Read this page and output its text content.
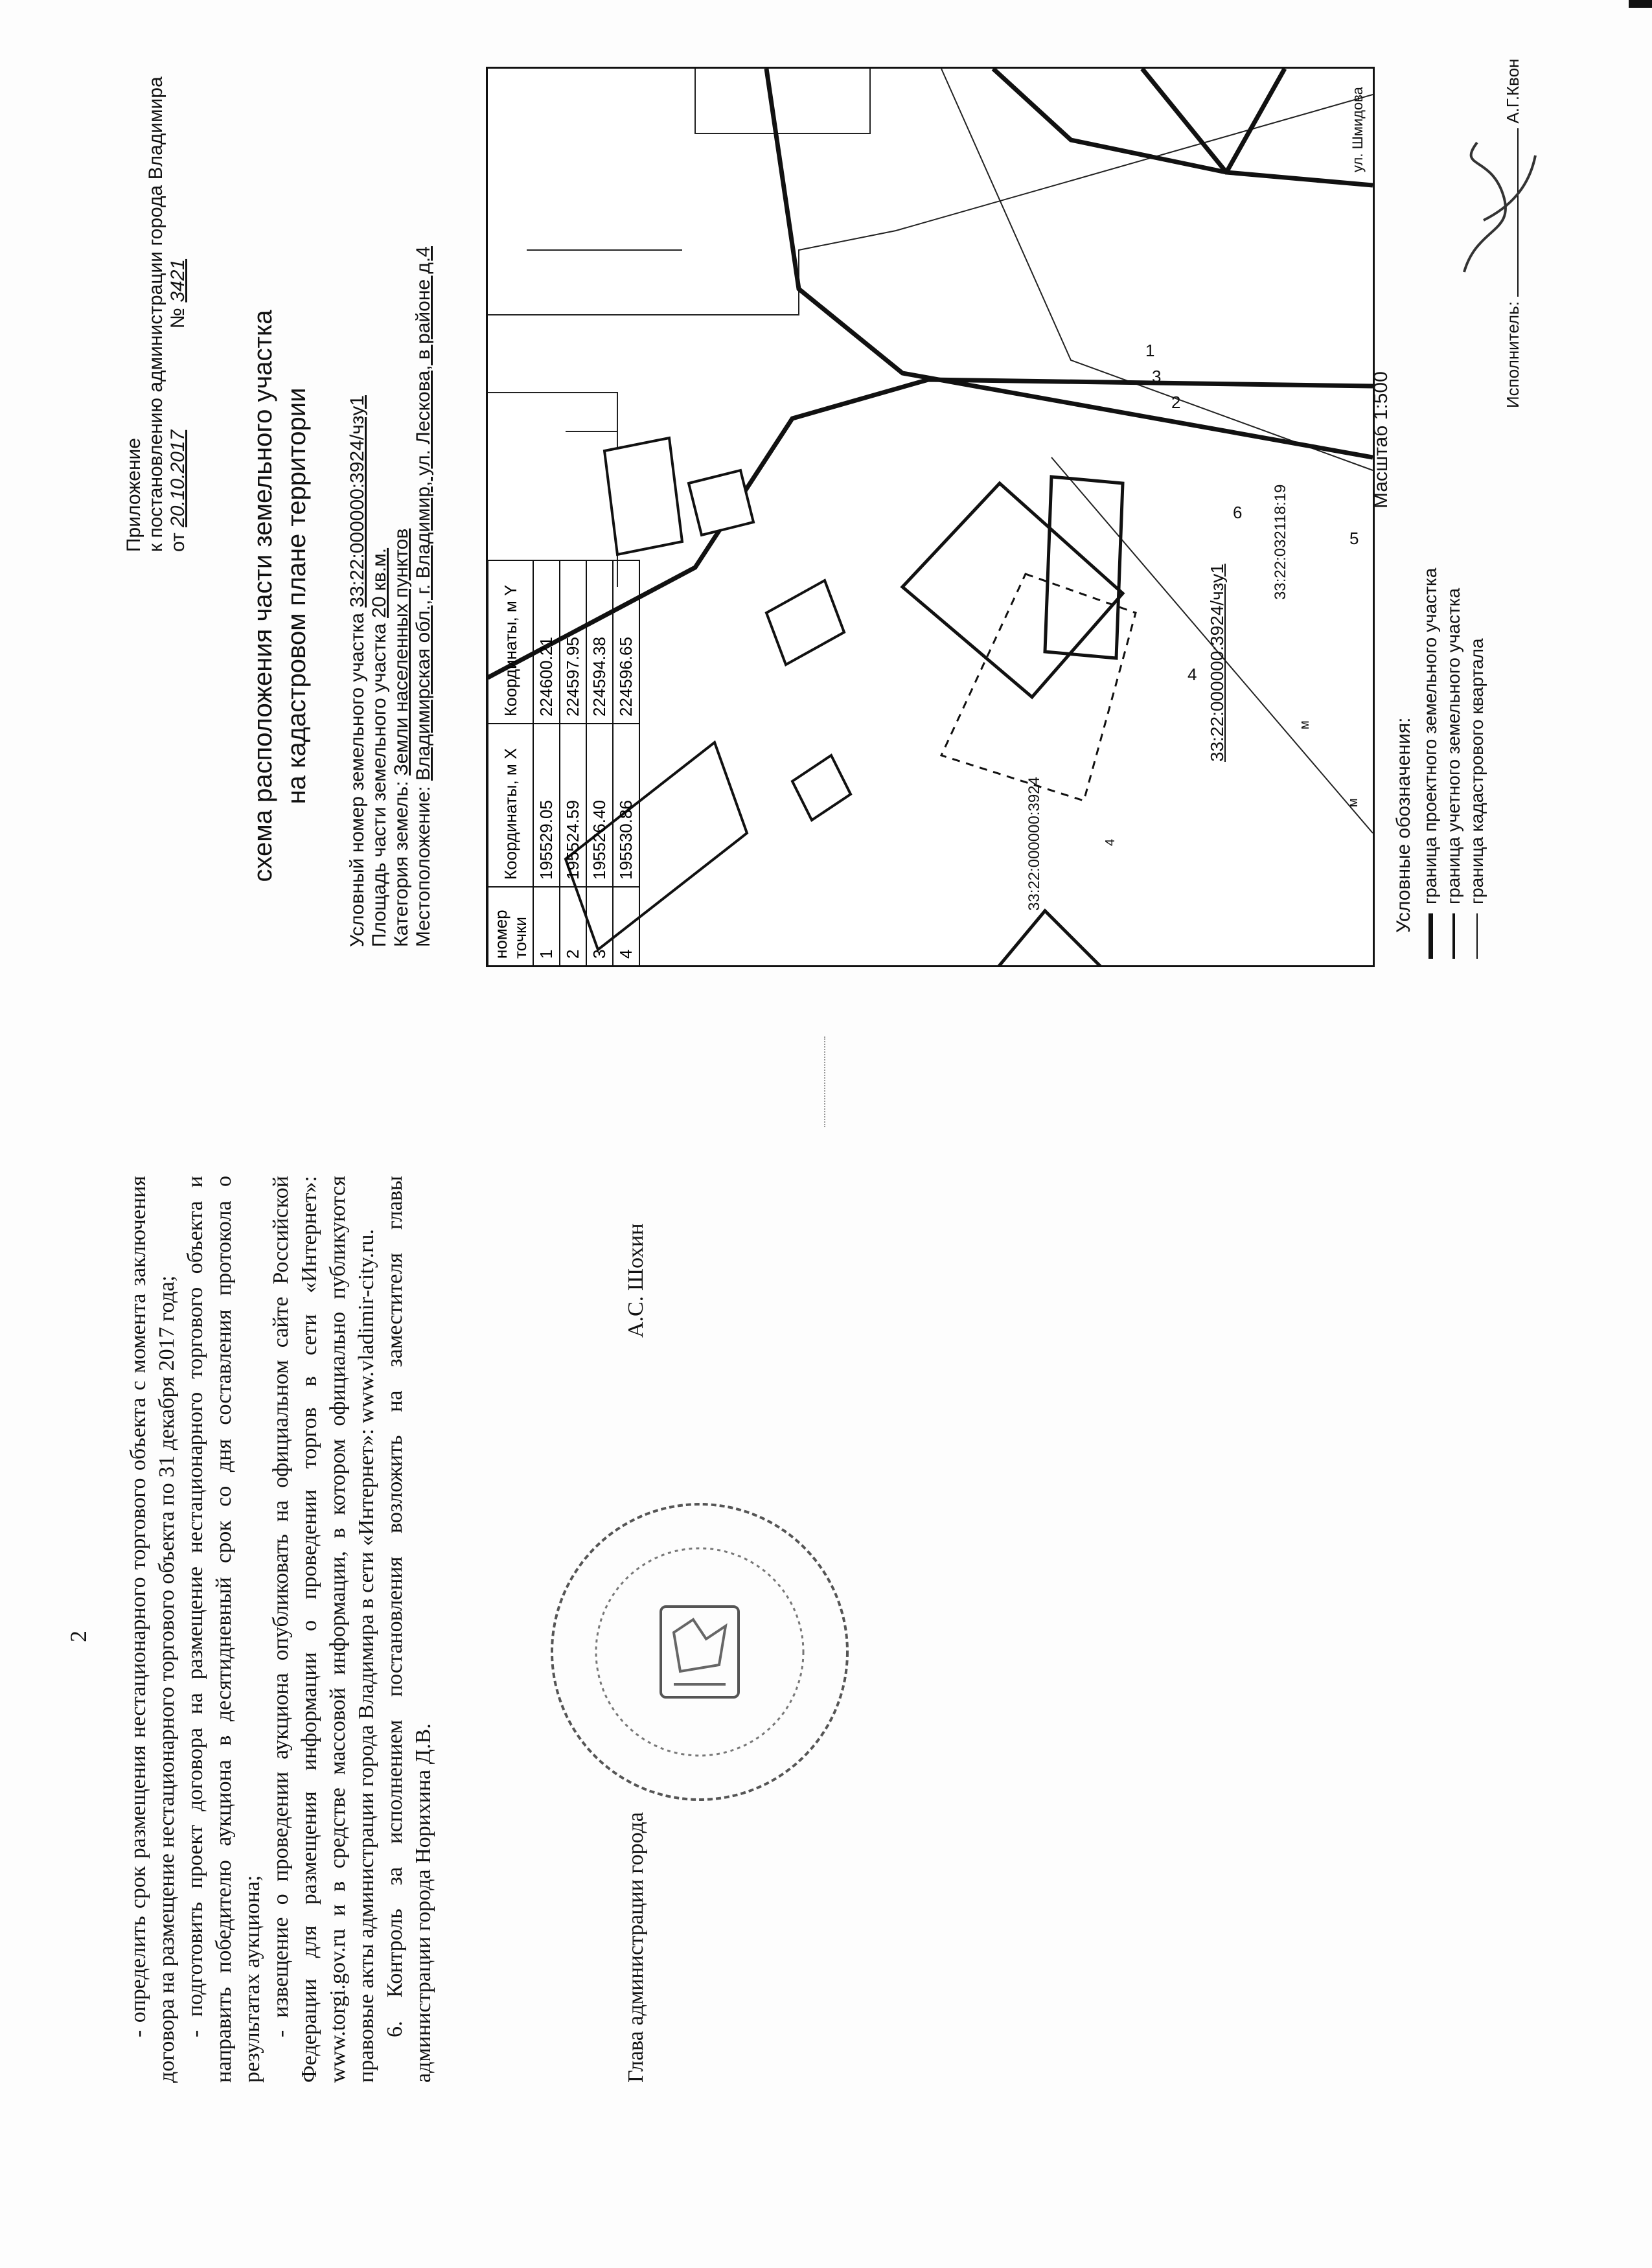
2 - определить срок размещения нестационарного торгового объекта с момента заключения договора на размещение нестационарного торгового объекта по 31 декабря 2017 года; - подготовить проект договора на размещение нестационарного торгового объекта и направить победителю аукциона в десятидневный срок со дня составления протокола о результатах аукциона; - извещение о проведении аукциона опубликовать на официальном сайте Российской Федерации для размещения информации о проведении торгов в сети «Интернет»: www.torgi.gov.ru и в средстве массовой информации, в котором официально публикуются правовые акты администрации города Владимира в сети «Интернет»: www.vladimir-city.ru. 6. Контроль за исполнением постановления возложить на заместителя главы администрации города Норихина Д.В.	Глава администрации города
А.С. Шохин
Приложение к постановлению администрации города Владимира от 20.10.2017  № 3421
схема расположения части земельного участка на кадастровом плане территории Условный номер земельного участка 33:22:000000:3924/чзу1
Площадь части земельного участка 20 кв.м.
Категория земель: Земли населенных пунктов
Местоположение: Владимирская обл., г. Владимир, ул. Лескова, в районе д.4	33:22:000000:3924/чзу1
33:22:032118:19
33:22:000000:3924
ул. Шмидова
4
м
м
1
2
3
4
5
6
номер точки	Координаты, м X	Координаты, м Y
1	195529.05	224600.21
2	195524.59	224597.95
3	195526.40	224594.38
4	195530.86	224596.65
Масштаб 1:500
Условные обозначения: граница проектного земельного участка граница учетного земельного участка граница кадастрового квартала
Исполнитель:  А.Г.Квон
